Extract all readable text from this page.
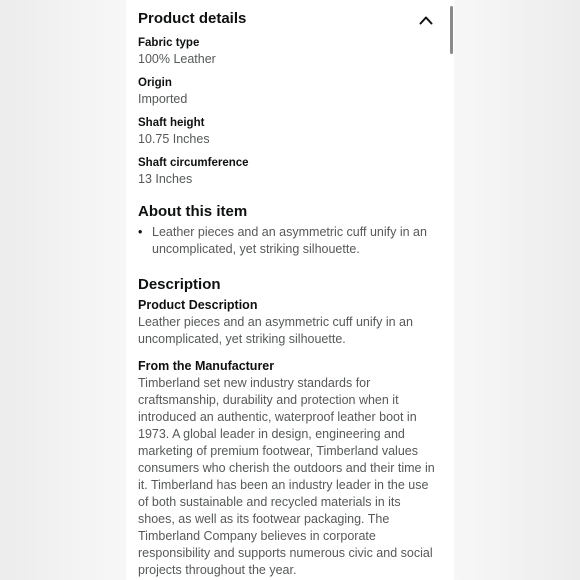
Product details
Fabric type
100% Leather
Origin
Imported
Shaft height
10.75 Inches
Shaft circumference
13 Inches
About this item
• Leather pieces and an asymmetric cuff unify in an uncomplicated, yet striking silhouette.
Description
Product Description
Leather pieces and an asymmetric cuff unify in an uncomplicated, yet striking silhouette.
From the Manufacturer
Timberland set new industry standards for craftsmanship, durability and protection when it introduced an authentic, waterproof leather boot in 1973. A global leader in design, engineering and marketing of premium footwear, Timberland values consumers who cherish the outdoors and their time in it. Timberland has been an industry leader in the use of both sustainable and recycled materials in its shoes, as well as its footwear packaging. The Timberland Company believes in corporate responsibility and supports numerous civic and social projects throughout the year.
